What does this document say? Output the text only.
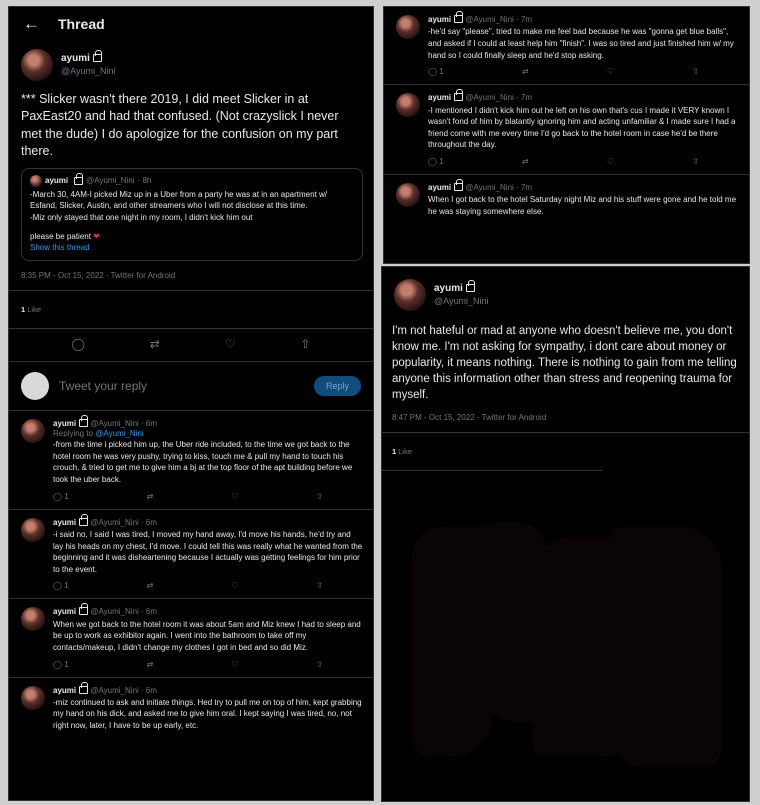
← Thread
ayumi
@Ayumi_Nini
*** Slicker wasn't there 2019, I did meet Slicker in at PaxEast20 and had that confused. (Not crazyslick I never met the dude) I do apologize for the confusion on my part there.
ayumi @Ayumi_Nini · 8h

-March 30, 4AM-I picked Miz up in a Uber from a party he was at in an apartment w/ Esfand, Slicker, Austin, and other streamers who I will not disclose at this time.

-Miz only stayed that one night in my room, I didn't kick him out

please be patient ❤

Show this thread

8:35 PM - Oct 15, 2022 · Twitter for Android
1 Like
◯	⇄	♡	⇧
Tweet your reply	Reply
ayumi @Ayumi_Nini · 6m
Replying to @Ayumi_Nini
-from the time i picked him up, the Uber ride included, to the time we got back to the hotel room he was very pushy, trying to kiss, touch me & pull my hand to touch his crouch, & tried to get me to give him a bj at the top floor of the apt building before we took the uber back.
◯ 1	⇄	♡	⇧
ayumi @Ayumi_Nini · 6m
-i said no, I said I was tired, I moved my hand away, I'd move his hands, he'd try and lay his heads on my chest, I'd move. I could tell this was really what he wanted from the beginning and it was disheartening because I actually was getting feelings for him prior to the event.
◯ 1	⇄	♡	⇧
ayumi @Ayumi_Nini · 6m
When we got back to the hotel room it was about 5am and Miz knew I had to sleep and be up to work as exhibitor again. I went into the bathroom to take off my contacts/makeup, I didn't change my clothes I got in bed and so did Miz.
◯ 1	⇄	♡	⇧
ayumi @Ayumi_Nini · 6m
-miz continued to ask and initiate things. Hed try to pull me on top of him, kept grabbing my hand on his dick, and asked me to give him oral. I kept saying I was tired, no, not right now, later, I have to be up early, etc.
ayumi @Ayumi_Nini · 7m
-he'd say "please", tried to make me feel bad because he was "gonna get blue balls", and asked if I could at least help him "finish". I was so tired and just finished him w/ my hand so I could finally sleep and he'd stop asking.
◯ 1	⇄	♡	⇧
ayumi @Ayumi_Nini · 7m
-I mentioned I didn't kick him out he left on his own that's cus I made it VERY known I wasn't fond of him by blatantly ignoring him and acting unfamiliar & I made sure I had a friend come with me every time I'd go back to the hotel room in case he'd be there throughout the day.
◯ 1	⇄	♡	⇧
ayumi @Ayumi_Nini · 7m
When I got back to the hotel Saturday night Miz and his stuff were gone and he told me he was staying somewhere else.
ayumi
@Ayumi_Nini
I'm not hateful or mad at anyone who doesn't believe me, you don't know me. I'm not asking for sympathy, i dont care about money or popularity, it means nothing. There is nothing to gain from me telling anyone this information other than stress and reopening trauma for myself.
8:47 PM - Oct 15, 2022 · Twitter for Android
1 Like
